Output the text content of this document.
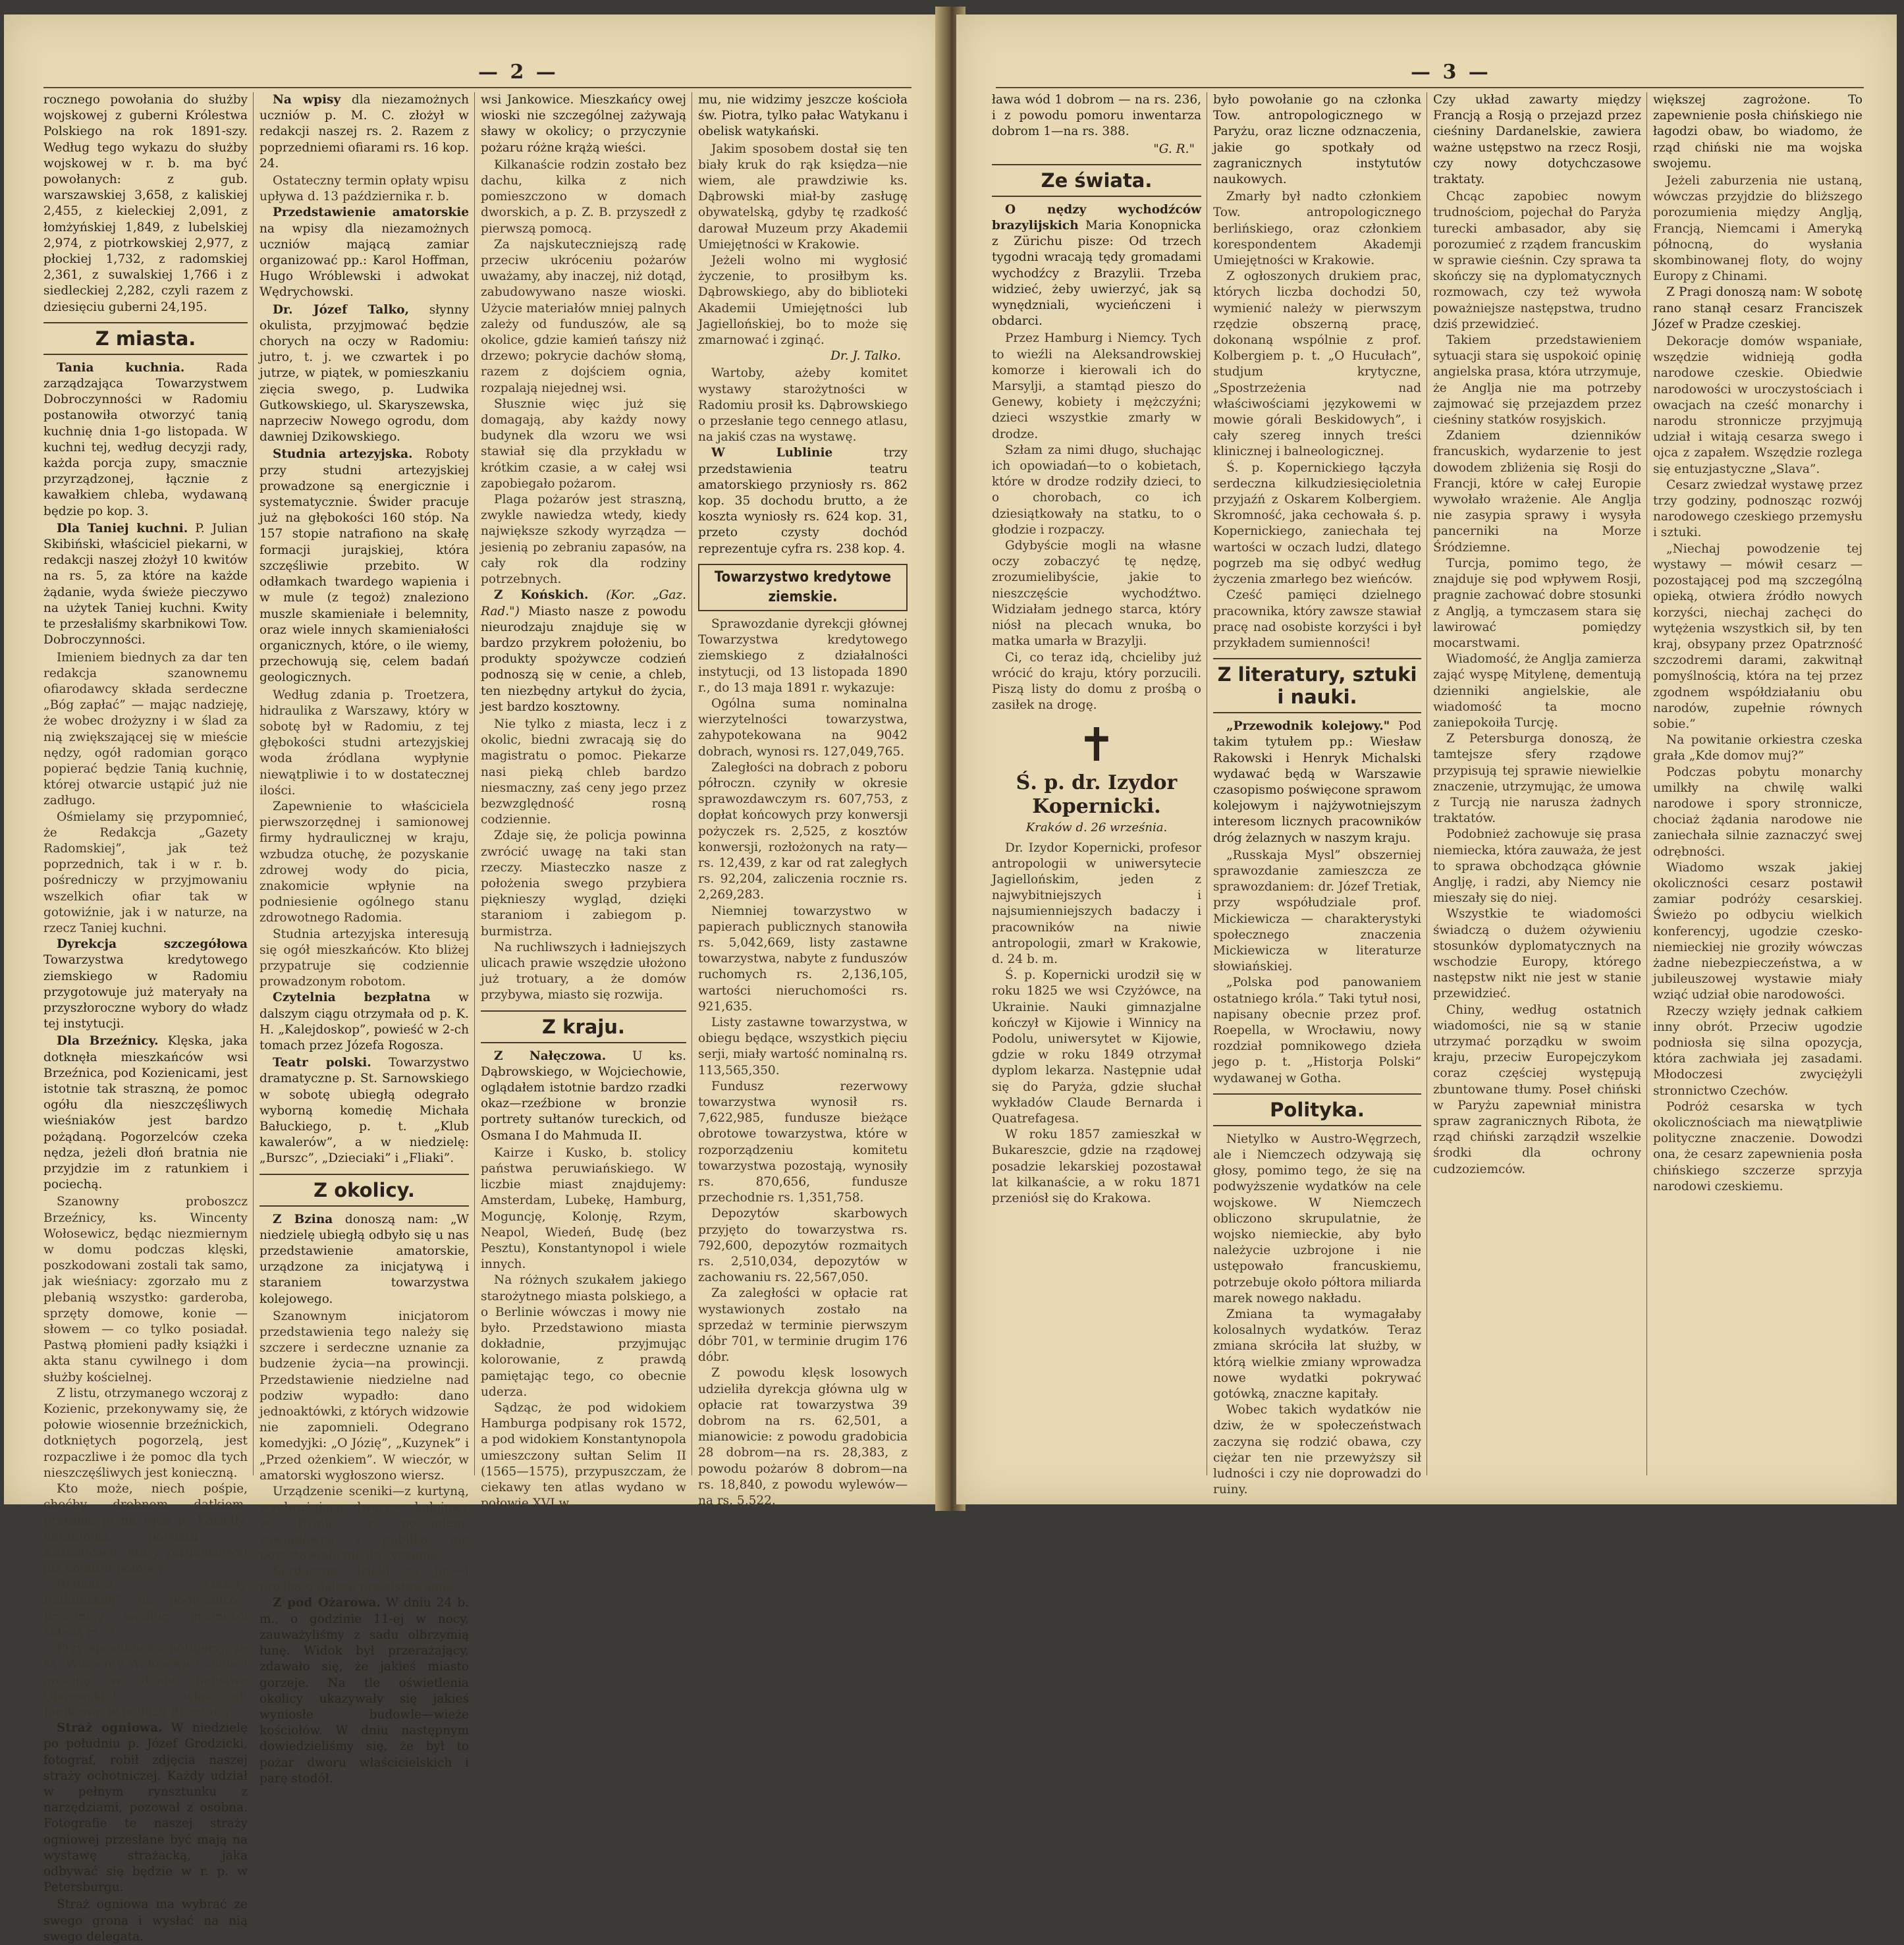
— 2 —

rocznego powołania do służby wojskowej z guberni Królestwa Polskiego na rok 1891-szy. Według tego wykazu do służby wojskowej w r. b. ma być powołanych: z gub. warszawskiej 3,658, z kaliskiej 2,455, z kieleckiej 2,091, z łomżyńskiej 1,849, z lubelskiej 2,974, z piotrkowskiej 2,977, z płockiej 1,732, z radomskiej 2,361, z suwalskiej 1,766 i z siedleckiej 2,282, czyli razem z dziesięciu guberni 24,195.

Z miasta.

Tania kuchnia.	Rada zarządzająca Towarzystwem Dobroczynności w Radomiu postanowiła otworzyć tanią kuchnię dnia 1-go listopada. W kuchni tej, według decyzji rady, każda porcja zupy, smacznie przyrządzonej, łącznie z kawałkiem chleba, wydawaną będzie po kop. 3.

Dla Taniej kuchni. P. Julian Skibiński, właściciel piekarni, w redakcji naszej złożył 10 kwitów na rs. 5, za które na każde żądanie, wyda świeże pieczywo na użytek Taniej kuchni. Kwity te przesłaliśmy skarbnikowi Tow. Dobroczynności.

Imieniem biednych za dar ten redakcja szanownemu ofiarodawcy składa serdeczne „Bóg zapłać” — mając nadzieję, że wobec drożyzny i w ślad za nią zwiększającej się w mieście nędzy, ogół radomian gorąco popierać będzie Tanią kuchnię, której otwarcie ustąpić już nie zadługo.

Ośmielamy się przypomnieć, że Redakcja „Gazety Radomskiej”, jak też poprzednich, tak i w r. b. pośredniczy w przyjmowaniu wszelkich ofiar tak w gotowiźnie, jak i w naturze, na rzecz Taniej kuchni.

Dyrekcja szczegółowa Towarzystwa kredytowego ziemskiego w Radomiu przygotowuje już materyały na przyszłoroczne wybory do władz tej instytucji.

Dla Brzeźnicy. Klęska, jaka dotknęła mieszkańców wsi Brzeźnica, pod Kozienicami, jest istotnie tak straszną, że pomoc ogółu dla nieszczęśliwych wieśniaków jest bardzo pożądaną. Pogorzelców czeka nędza, jeżeli dłoń bratnia nie przyjdzie im z ratunkiem i pociechą.

Szanowny proboszcz Brzeźnicy, ks. Wincenty Wołosewicz, będąc niezmiernym w domu podczas klęski, poszkodowani zostali tak samo, jak wieśniacy: zgorzało mu z plebanią wszystko: garderoba, sprzęty domowe, konie — słowem — co tylko posiadał. Pastwą płomieni padły książki i akta stanu cywilnego i dom służby kościelnej.

Z listu, otrzymanego wczoraj z Kozienic, przekonywamy się, że połowie wiosennie brzeźnickich, dotkniętych pogorzelą, jest rozpaczliwe i że pomoc dla tych nieszczęśliwych jest konieczną.

Kto może, niech pośpie, choćby drobnem datkiem, przesłać je na ręce p. Koziełły, naczelnika powiatu w Kozienicach, który zorganizował już komitet pomocy.

Redakcja „Gazety Radomskiej” na pogorzelców Brzeźnicy według możności składa rs. 3.

Przy sposobności notujemy, że ks. Wincenty Wołosewicz znalazł gościnę w domu państwa Olszewskich, właścicieli Janikowa, w pobliżu Brzeźnicy.

Straż ogniowa. W niedzielę po południu p. Józef Grodzicki, fotograf, robił zdjęcia naszej straży ochotniczej. Każdy udział w pełnym rynsztunku z narzędziami, pozował z osobna. Fotografie te naszej straży ogniowej przesłane być mają na wystawę strażacką, jaka odbywać się będzie w r. p. w Petersburgu.

Straż ogniowa ma wybrać ze swego grona i wysłać na nią swego delegata.

Na wpisy dla niezamożnych uczniów p. M. C. złożył w redakcji naszej rs. 2. Razem z poprzedniemi ofiarami rs. 16 kop. 24.

Ostateczny termin opłaty wpisu upływa d. 13 października r. b.

Przedstawienie amatorskie na wpisy dla niezamożnych uczniów mającą zamiar organizować pp.: Karol Hoffman, Hugo Wróblewski i adwokat Wędrychowski.

Dr. Józef Talko, słynny okulista, przyjmować będzie chorych na oczy w Radomiu: jutro, t. j. we czwartek i po jutrze, w piątek, w pomieszkaniu zięcia swego, p. Ludwika Gutkowskiego, ul. Skaryszewska, naprzeciw Nowego ogrodu, dom dawniej Dzikowskiego.

Studnia artezyjska. Roboty przy studni artezyjskiej prowadzone są energicznie i systematycznie. Świder pracuje już na głębokości 160 stóp. Na 157 stopie natrafiono na skałę formacji jurajskiej, która szczęśliwie przebito. W odłamkach twardego wapienia i w mule (z tegoż) znaleziono muszle skamieniałe i belemnity, oraz wiele innych skamieniałości organicznych, które, o ile wiemy, przechowują się, celem badań geologicznych.

Według zdania p. Troetzera, hidraulika z Warszawy, który w sobotę był w Radomiu, z tej głębokości studni artezyjskiej woda źródlana wypłynie niewątpliwie i to w dostatecznej ilości.

Zapewnienie to właściciela pierwszorzędnej i samionowej firmy hydraulicznej w kraju, wzbudza otuchę, że pozyskanie zdrowej wody do picia, znakomicie wpłynie na podniesienie ogólnego stanu zdrowotnego Radomia.

Studnia artezyjska interesują się ogół mieszkańców. Kto bliżej przypatruje się codziennie prowadzonym robotom.

Czytelnia bezpłatna w dalszym ciągu otrzymała od p. K. H. „Kalejdoskop”, powieść w 2-ch tomach przez Józefa Rogosza.

Teatr polski. Towarzystwo dramatyczne p. St. Sarnowskiego w sobotę ubiegłą odegrało wyborną komedię Michała Bałuckiego, p. t. „Klub kawalerów”, a w niedzielę: „Burszc”, „Dzieciaki” i „Fliaki”.

Z okolicy.

Z Bzina donoszą nam: „W niedzielę ubiegłą odbyło się u nas przedstawienie amatorskie, urządzone za inicjatywą i staraniem towarzystwa kolejowego.

Szanownym inicjatorom przedstawienia tego należy się szczere i serdeczne uznanie za budzenie życia—na prowincji. Przedstawienie niedzielne nad podziw wypadło: dano jednoaktówki, z których widzowie nie zapomnieli. Odegrano komedyjki: „O Józię”, „Kuzynek” i „Przed ożenkiem”. W wieczór, w amatorski wygłoszono wiersz.

Urządzenie sceniki—z kurtyną, wyobrażającą dworzec kolejowy w Bzinie, z pociągiem, zawiadowcą i publiką nie pozostawiało nic do życzenia.

Serdeczne dzięki za już—i prośba o dalsze przedstawienia.

Z pod Ożarowa. W dniu 24 b. m., o godzinie 11-ej w nocy, zauważyliśmy z sadu olbrzymią łunę. Widok był przerażający, zdawało się, że jakieś miasto gorzeje. Na tle oświetlenia okolicy ukazywały się jakieś wyniosłe budowle—wieże kościołów. W dniu następnym dowiedzieliśmy się, że był to pożar dworu właścicielskich i parę stodół.

wsi Jankowice. Mieszkańcy owej wioski nie szczególnej zażywają sławy w okolicy; o przyczynie pożaru różne krążą wieści.

Kilkanaście rodzin zostało bez dachu, kilka z nich pomieszczono w domach dworskich, a p. Z. B. przyszedł z pierwszą pomocą.

Za najskuteczniejszą radę przeciw ukróceniu pożarów uważamy, aby inaczej, niż dotąd, zabudowywano nasze wioski. Użycie materiałów mniej palnych zależy od funduszów, ale są okolice, gdzie kamień tańszy niż drzewo; pokrycie dachów słomą, razem z dojściem ognia, rozpalają niejednej wsi.

Słusznie więc już się domagają, aby każdy nowy budynek dla wzoru we wsi stawiał się dla przykładu w krótkim czasie, a w całej wsi zapobiegało pożarom.

Plaga pożarów jest straszną, zwykle nawiedza wtedy, kiedy największe szkody wyrządza — jesienią po zebraniu zapasów, na cały rok dla rodziny potrzebnych.

Z Końskich. (Kor. „Gaz. Rad.") Miasto nasze z powodu nieurodzaju znajduje się w bardzo przykrem położeniu, bo produkty spożywcze codzień podnoszą się w cenie, a chleb, ten niezbędny artykuł do życia, jest bardzo kosztowny.

Nie tylko z miasta, lecz i z okolic, biedni zwracają się do magistratu o pomoc. Piekarze nasi pieką chleb bardzo niesmaczny, zaś ceny jego przez bezwzględność rosną codziennie.

Zdaje się, że policja powinna zwrócić uwagę na taki stan rzeczy. Miasteczko nasze z położenia swego przybiera pięknieszy wygląd, dzięki staraniom i zabiegom p. burmistrza.

Na ruchliwszych i ładniejszych ulicach prawie wszędzie ułożono już trotuary, a że domów przybywa, miasto się rozwija.

Z kraju.

Z Nałęczowa. U ks. Dąbrowskiego, w Wojciechowie, oglądałem istotnie bardzo rzadki okaz—rzeźbione w bronzie portrety sułtanów tureckich, od Osmana I do Mahmuda II.

Kairze i Kusko, b. stolicy państwa peruwiańskiego. W liczbie miast znajdujemy: Amsterdam, Lubekę, Hamburg, Moguncję, Kolonję, Rzym, Neapol, Wiedeń, Budę (bez Pesztu), Konstantynopol i wiele innych.

Na różnych szukałem jakiego starożytnego miasta polskiego, a o Berlinie wówczas i mowy nie było. Przedstawiono miasta dokładnie, przyjmując kolorowanie, z prawdą pamiętając tego, co obecnie uderza.

Sądząc, że pod widokiem Hamburga podpisany rok 1572, a pod widokiem Konstantynopola umieszczony sułtan Selim II (1565—1575), przypuszczam, że ciekawy ten atlas wydano w połowie XVI w.

mu, nie widzimy jeszcze kościoła św. Piotra, tylko pałac Watykanu i obelisk watykański.

Jakim sposobem dostał się ten biały kruk do rąk księdza—nie wiem, ale prawdziwie ks. Dąbrowski miał-by zasługę obywatelską, gdyby tę rzadkość darował Muzeum przy Akademii Umiejętności w Krakowie.

Jeżeli wolno mi wygłosić życzenie, to prosiłbym ks. Dąbrowskiego, aby do biblioteki Akademii Umiejętności lub Jagiellońskiej, bo to może się zmarnować i zginąć.

Dr. J. Talko.

Wartoby, ażeby komitet wystawy starożytności w Radomiu prosił ks. Dąbrowskiego o przesłanie tego cennego atlasu, na jakiś czas na wystawę.

W Lublinie trzy przedstawienia teatru amatorskiego przyniosły rs. 862 kop. 35 dochodu brutto, a że koszta wyniosły rs. 624 kop. 31, przeto czysty dochód reprezentuje cyfra rs. 238 kop. 4.

Towarzystwo kredytowe ziemskie.

Sprawozdanie dyrekcji głównej Towarzystwa kredytowego ziemskiego z działalności instytucji, od 13 listopada 1890 r., do 13 maja 1891 r. wykazuje:

Ogólna suma nominalna wierzytelności towarzystwa, zahypotekowana na 9042 dobrach, wynosi rs. 127,049,765.

Zaległości na dobrach z poboru półroczn. czyniły w okresie sprawozdawczym rs. 607,753, z dopłat końcowych przy konwersji pożyczek rs. 2,525, z kosztów konwersji, rozłożonych na raty—rs. 12,439, z kar od rat zaległych rs. 92,204, zaliczenia rocznie rs. 2,269,283.

Niemniej towarzystwo w papierach publicznych stanowiła rs. 5,042,669, listy zastawne towarzystwa, nabyte z funduszów ruchomych rs. 2,136,105, wartości nieruchomości rs. 921,635.

Listy zastawne towarzystwa, w obiegu będące, wszystkich pięciu serji, miały wartość nominalną rs. 113,565,350.

Fundusz rezerwowy towarzystwa wynosił rs. 7,622,985, fundusze bieżące obrotowe towarzystwa, które w rozporządzeniu komitetu towarzystwa pozostają, wynosiły rs. 870,656, fundusze przechodnie rs. 1,351,758.

Depozytów skarbowych przyjęto do towarzystwa rs. 792,600, depozytów rozmaitych rs. 2,510,034, depozytów w zachowaniu rs. 22,567,050.

Za zaległości w opłacie rat wystawionych zostało na sprzedaż w terminie pierwszym dóbr 701, w terminie drugim 176 dóbr.

Z powodu klęsk losowych udzieliła dyrekcja główna ulg w opłacie rat towarzystwa 39 dobrom na rs. 62,501, a mianowicie: z powodu gradobicia 28 dobrom—na rs. 28,383, z powodu pożarów 8 dobrom—na rs. 18,840, z powodu wylewów—na rs. 5,522.

— 3 —

ława wód 1 dobrom — na rs. 236, i z powodu pomoru inwentarza dobrom 1—na rs. 388.

"G. R."

Ze świata.

O nędzy wychodźców brazylijskich Maria Konopnicka z Zürichu pisze: Od trzech tygodni wracają tędy gromadami wychodźcy z Brazylii. Trzeba widzieć, żeby uwierzyć, jak są wynędzniali, wycieńczeni i obdarci.

Przez Hamburg i Niemcy. Tych to wieźli na Aleksandrowskiej komorze i kierowali ich do Marsylji, a stamtąd pieszo do Genewy, kobiety i mężczyźni; dzieci wszystkie zmarły w drodze.

Szłam za nimi długo, słuchając ich opowiadań—to o kobietach, które w drodze rodziły dzieci, to o chorobach, co ich dziesiątkowały na statku, to o głodzie i rozpaczy.

Gdybyście mogli na własne oczy zobaczyć tę nędzę, zrozumielibyście, jakie to nieszczęście wychodźtwo. Widziałam jednego starca, który niósł na plecach wnuka, bo matka umarła w Brazylji.

Ci, co teraz idą, chcieliby już wrócić do kraju, który porzucili. Piszą listy do domu z prośbą o zasiłek na drogę.

✝
Ś. p. dr. Izydor Kopernicki.
Kraków d. 26 września.

Dr. Izydor Kopernicki, profesor antropologii w uniwersytecie Jagiellońskim, jeden z najwybitniejszych i najsumienniejszych badaczy i pracowników na niwie antropologii, zmarł w Krakowie, d. 24 b. m.

Ś. p. Kopernicki urodził się w roku 1825 we wsi Czyżówce, na Ukrainie. Nauki gimnazjalne kończył w Kijowie i Winnicy na Podolu, uniwersytet w Kijowie, gdzie w roku 1849 otrzymał dyplom lekarza. Następnie udał się do Paryża, gdzie słuchał wykładów Claude Bernarda i Quatrefagesa.

W roku 1857 zamieszkał w Bukareszcie, gdzie na rządowej posadzie lekarskiej pozostawał lat kilkanaście, a w roku 1871 przeniósł się do Krakowa.

było powołanie go na członka Tow. antropologicznego w Paryżu, oraz liczne odznaczenia, jakie go spotkały od zagranicznych instytutów naukowych.

Zmarły był nadto członkiem Tow. antropologicznego berlińskiego, oraz członkiem korespondentem Akademji Umiejętności w Krakowie.

Z ogłoszonych drukiem prac, których liczba dochodzi 50, wymienić należy w pierwszym rzędzie obszerną pracę, dokonaną wspólnie z prof. Kolbergiem p. t. „O Hucułach”, studjum krytyczne, „Spostrzeżenia nad właściwościami językowemi w mowie górali Beskidowych”, i cały szereg innych treści klinicznej i balneologicznej.

Ś. p. Kopernickiego łączyła serdeczna kilkudziesięcioletnia przyjaźń z Oskarem Kolbergiem. Skromność, jaka cechowała ś. p. Kopernickiego, zaniechała tej wartości w oczach ludzi, dlatego pogrzeb ma się odbyć według życzenia zmarłego bez wieńców.

Cześć pamięci dzielnego pracownika, który zawsze stawiał pracę nad osobiste korzyści i był przykładem sumienności!

Z literatury, sztuki i nauki.

„Przewodnik kolejowy." Pod takim tytułem pp.: Wiesław Rakowski i Henryk Michalski wydawać będą w Warszawie czasopismo poświęcone sprawom kolejowym i najżywotniejszym interesom licznych pracowników dróg żelaznych w naszym kraju.

„Russkaja Mysl” obszerniej sprawozdanie zamieszcza ze sprawozdaniem: dr. Józef Tretiak, przy współudziale prof. Mickiewicza — charakterystyki społecznego znaczenia Mickiewicza w literaturze słowiańskiej.

„Polska pod panowaniem ostatniego króla.” Taki tytuł nosi, napisany obecnie przez prof. Roepella, w Wrocławiu, nowy rozdział pomnikowego dzieła jego p. t. „Historja Polski” wydawanej w Gotha.

Polityka.

Nietylko w Austro-Węgrzech, ale i Niemczech odzywają się głosy, pomimo tego, że się na podwyższenie wydatków na cele wojskowe. W Niemczech obliczono skrupulatnie, że wojsko niemieckie, aby było należycie uzbrojone i nie ustępowało francuskiemu, potrzebuje około półtora miliarda marek nowego nakładu.

Zmiana ta wymagałaby kolosalnych wydatków. Teraz zmiana skróciła lat służby, w którą wielkie zmiany wprowadza nowe wydatki pokrywać gotówką, znaczne kapitały.

Wobec takich wydatków nie dziw, że w społeczeństwach zaczyna się rodzić obawa, czy ciężar ten nie przewyższy sił ludności i czy nie doprowadzi do ruiny.

Czy układ zawarty między Francją a Rosją o przejazd przez cieśniny Dardanelskie, zawiera ważne ustępstwo na rzecz Rosji, czy nowy dotychczasowe traktaty.

Chcąc zapobiec nowym trudnościom, pojechał do Paryża turecki ambasador, aby się porozumieć z rządem francuskim w sprawie cieśnin. Czy sprawa ta skończy się na dyplomatycznych rozmowach, czy też wywoła poważniejsze następstwa, trudno dziś przewidzieć.

Takiem przedstawieniem sytuacji stara się uspokoić opinię angielska prasa, która utrzymuje, że Anglja nie ma potrzeby zajmować się przejazdem przez cieśniny statków rosyjskich.

Zdaniem dzienników francuskich, wydarzenie to jest dowodem zbliżenia się Rosji do Francji, które w całej Europie wywołało wrażenie. Ale Anglja nie zasypia sprawy i wysyła pancerniki na Morze Śródziemne.

Turcja, pomimo tego, że znajduje się pod wpływem Rosji, pragnie zachować dobre stosunki z Anglją, a tymczasem stara się lawirować pomiędzy mocarstwami.

Wiadomość, że Anglja zamierza zająć wyspę Mitylenę, dementują dzienniki angielskie, ale wiadomość ta mocno zaniepokoiła Turcję.

Z Petersburga donoszą, że tamtejsze sfery rządowe przypisują tej sprawie niewielkie znaczenie, utrzymując, że umowa z Turcją nie narusza żadnych traktatów.

Podobnież zachowuje się prasa niemiecka, która zauważa, że jest to sprawa obchodząca głównie Anglję, i radzi, aby Niemcy nie mieszały się do niej.

Wszystkie te wiadomości świadczą o dużem ożywieniu stosunków dyplomatycznych na wschodzie Europy, którego następstw nikt nie jest w stanie przewidzieć.

Chiny, według ostatnich wiadomości, nie są w stanie utrzymać porządku w swoim kraju, przeciw Europejczykom coraz częściej występują zbuntowane tłumy. Poseł chiński w Paryżu zapewniał ministra spraw zagranicznych Ribota, że rząd chiński zarządził wszelkie środki dla ochrony cudzoziemców.

większej zagrożone. To zapewnienie posła chińskiego nie łagodzi obaw, bo wiadomo, że rząd chiński nie ma wojska swojemu.

Jeżeli zaburzenia nie ustaną, wówczas przyjdzie do bliższego porozumienia między Anglją, Francją, Niemcami i Ameryką północną, do wysłania skombinowanej floty, do wojny Europy z Chinami.

Z Pragi donoszą nam: W sobotę rano stanął cesarz Franciszek Józef w Pradze czeskiej.

Dekoracje domów wspaniałe, wszędzie widnieją godła narodowe czeskie. Obiedwie narodowości w uroczystościach i owacjach na cześć monarchy i narodu stronnicze przyjmują udział i witają cesarza swego i ojca z zapałem. Wszędzie rozlega się entuzjastyczne „Slava”.

Cesarz zwiedzał wystawę przez trzy godziny, podnosząc rozwój narodowego czeskiego przemysłu i sztuki.

„Niechaj powodzenie tej wystawy — mówił cesarz — pozostającej pod mą szczególną opieką, otwiera źródło nowych korzyści, niechaj zachęci do wytężenia wszystkich sił, by ten kraj, obsypany przez Opatrzność szczodremi darami, zakwitnął pomyślnością, która na tej przez zgodnem współdziałaniu obu narodów, zupełnie równych sobie.”

Na powitanie orkiestra czeska grała „Kde domov muj?”

Podczas pobytu monarchy umilkły na chwilę walki narodowe i spory stronnicze, chociaż żądania narodowe nie zaniechała silnie zaznaczyć swej odrębności.

Wiadomo wszak jakiej okoliczności cesarz postawił zamiar podróży cesarskiej. Świeżo po odbyciu wielkich konferencyj, ugodzie czesko-niemieckiej nie groziły wówczas żadne niebezpieczeństwa, a w jubileuszowej wystawie miały wziąć udział obie narodowości.

Rzeczy wzięły jednak całkiem inny obrót. Przeciw ugodzie podniosła się silna opozycja, która zachwiała jej zasadami. Młodoczesi zwyciężyli stronnictwo Czechów.

Podróż cesarska w tych okolicznościach ma niewątpliwie polityczne znaczenie. Dowodzi ona, że cesarz zapewnienia posła chińskiego szczerze sprzyja narodowi czeskiemu.
